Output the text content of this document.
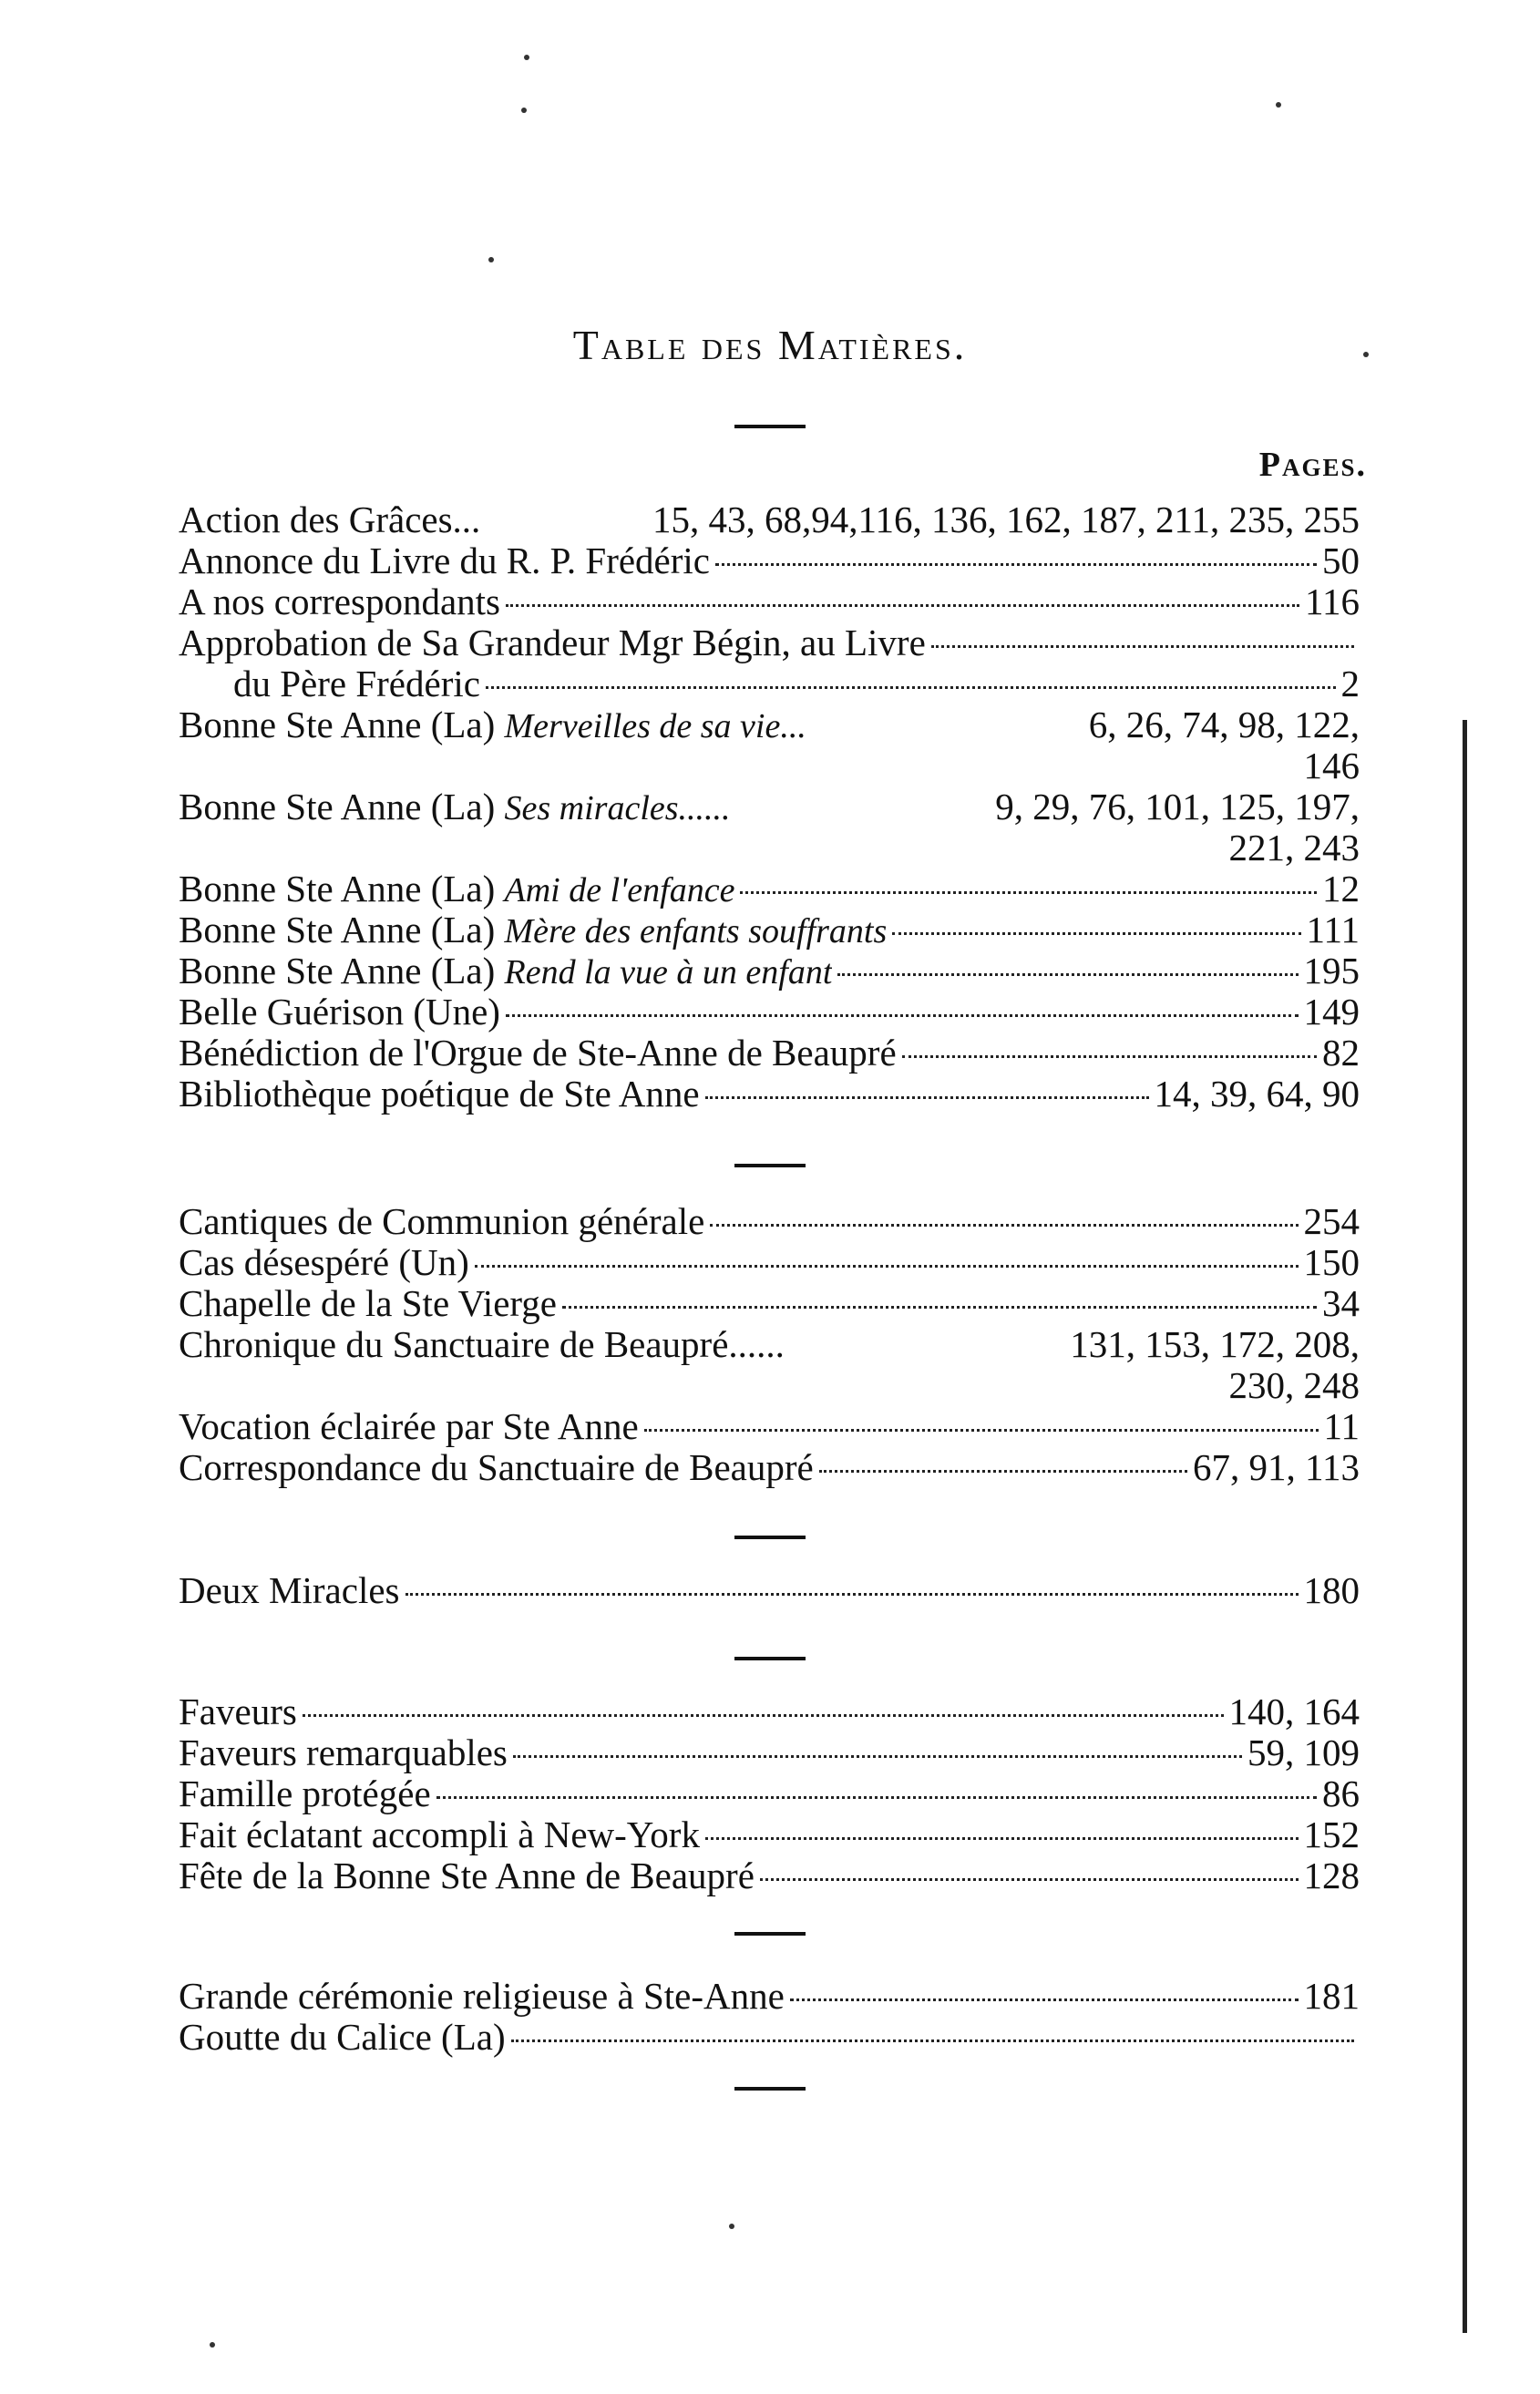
Table des Matières.
Pages.
Action des Grâces...	15, 43, 68,94,116, 136, 162, 187, 211, 235, 255
Annonce du Livre du R. P. Frédéric	50
A nos correspondants	116
Approbation de Sa Grandeur Mgr Bégin, au Livre
du Père Frédéric	2
Bonne Ste Anne (La) Merveilles de sa vie...	6, 26, 74, 98, 122,
146
Bonne Ste Anne (La) Ses miracles......	9, 29, 76, 101, 125, 197,
221, 243
Bonne Ste Anne (La) Ami de l'enfance	12
Bonne Ste Anne (La) Mère des enfants souffrants	111
Bonne Ste Anne (La) Rend la vue à un enfant	195
Belle Guérison (Une)	149
Bénédiction de l'Orgue de Ste-Anne de Beaupré	82
Bibliothèque poétique de Ste Anne	14, 39, 64, 90
Cantiques de Communion générale	254
Cas désespéré (Un)	150
Chapelle de la Ste Vierge	34
Chronique du Sanctuaire de Beaupré......	131, 153, 172, 208,
230, 248
Vocation éclairée par Ste Anne	11
Correspondance du Sanctuaire de Beaupré	67, 91, 113
Deux Miracles	180
Faveurs	140, 164
Faveurs remarquables	59, 109
Famille protégée	86
Fait éclatant accompli à New-York	152
Fête de la Bonne Ste Anne de Beaupré	128
Grande cérémonie religieuse à Ste-Anne	181
Goutte du Calice (La)
